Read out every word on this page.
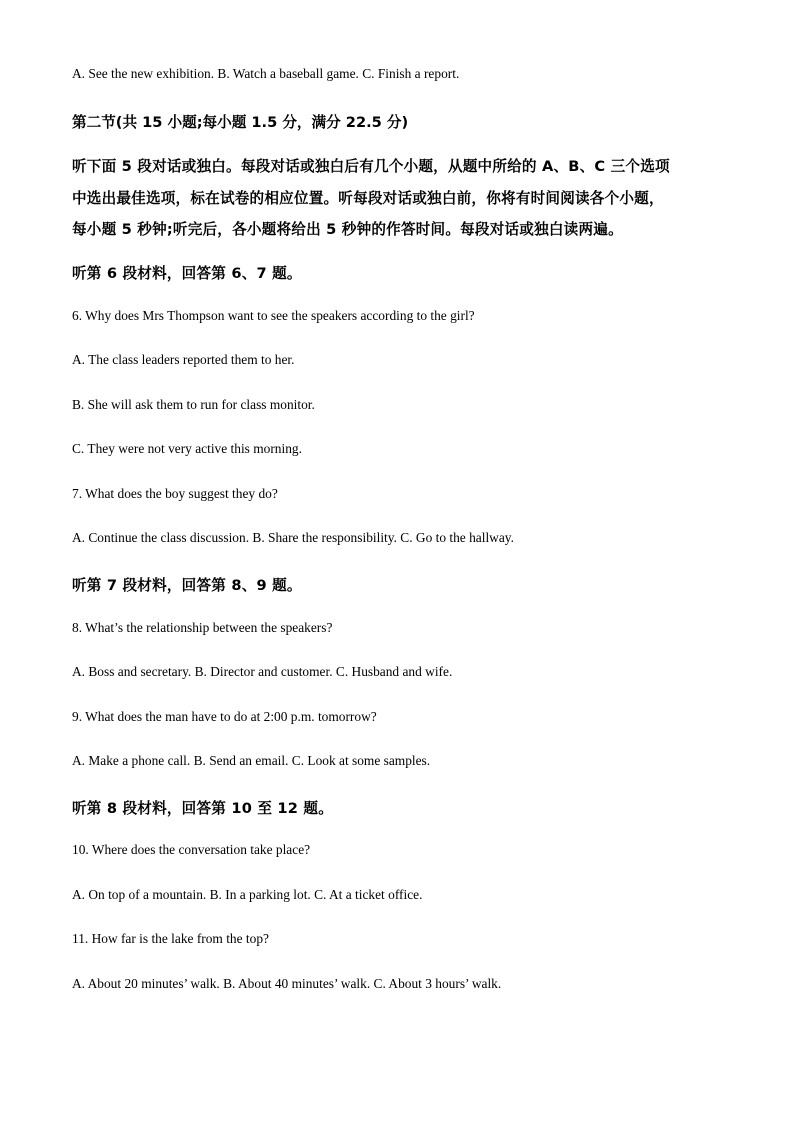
A. See the new exhibition. B. Watch a baseball game. C. Finish a report.
第二节(共 15 小题;每小题 1.5 分，满分 22.5 分)
听下面 5 段对话或独白。每段对话或独白后有几个小题，从题中所给的 A、B、C 三个选项
中选出最佳选项，标在试卷的相应位置。听每段对话或独白前，你将有时间阅读各个小题，
每小题 5 秒钟;听完后，各小题将给出 5 秒钟的作答时间。每段对话或独白读两遍。
听第 6 段材料，回答第 6、7 题。
6. Why does Mrs Thompson want to see the speakers according to the girl?
A. The class leaders reported them to her.
B. She will ask them to run for class monitor.
C. They were not very active this morning.
7. What does the boy suggest they do?
A. Continue the class discussion. B. Share the responsibility. C. Go to the hallway.
听第 7 段材料，回答第 8、9 题。
8. What’s the relationship between the speakers?
A. Boss and secretary. B. Director and customer. C. Husband and wife.
9. What does the man have to do at 2:00 p.m. tomorrow?
A. Make a phone call. B. Send an email. C. Look at some samples.
听第 8 段材料，回答第 10 至 12 题。
10. Where does the conversation take place?
A. On top of a mountain. B. In a parking lot. C. At a ticket office.
11. How far is the lake from the top?
A. About 20 minutes’ walk. B. About 40 minutes’ walk. C. About 3 hours’ walk.
